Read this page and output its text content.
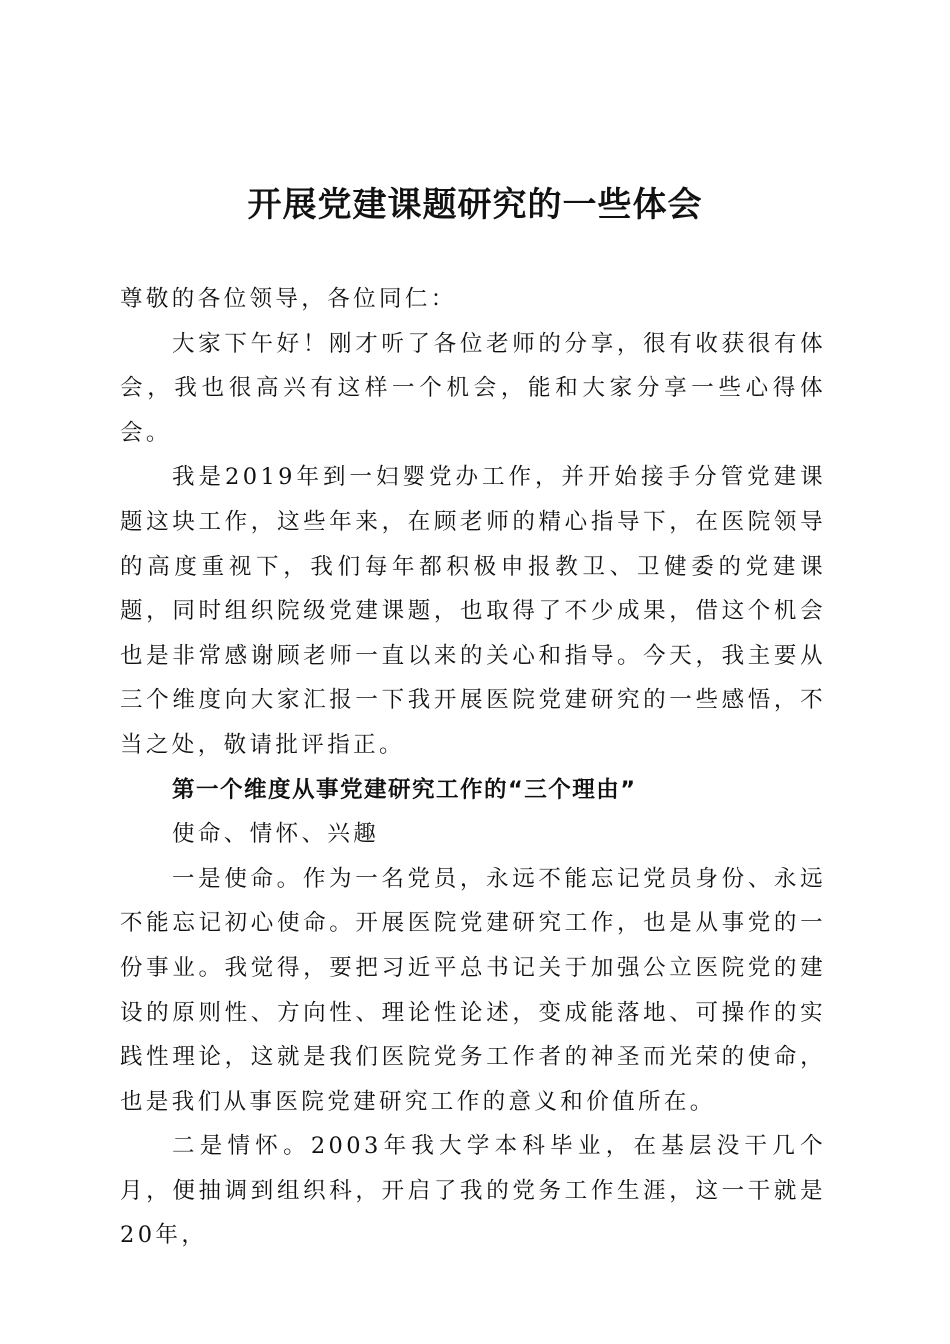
开展党建课题研究的一些体会

尊敬的各位领导，各位同仁：

大家下午好！刚才听了各位老师的分享，很有收获很有体会，我也很高兴有这样一个机会，能和大家分享一些心得体会。

我是2019年到一妇婴党办工作，并开始接手分管党建课题这块工作，这些年来，在顾老师的精心指导下，在医院领导的高度重视下，我们每年都积极申报教卫、卫健委的党建课题，同时组织院级党建课题，也取得了不少成果，借这个机会也是非常感谢顾老师一直以来的关心和指导。今天，我主要从三个维度向大家汇报一下我开展医院党建研究的一些感悟，不当之处，敬请批评指正。

第一个维度从事党建研究工作的“三个理由”

使命、情怀、兴趣

一是使命。作为一名党员，永远不能忘记党员身份、永远不能忘记初心使命。开展医院党建研究工作，也是从事党的一份事业。我觉得，要把习近平总书记关于加强公立医院党的建设的原则性、方向性、理论性论述，变成能落地、可操作的实践性理论，这就是我们医院党务工作者的神圣而光荣的使命，也是我们从事医院党建研究工作的意义和价值所在。

二是情怀。2003年我大学本科毕业，在基层没干几个月，便抽调到组织科，开启了我的党务工作生涯，这一干就是20年，
